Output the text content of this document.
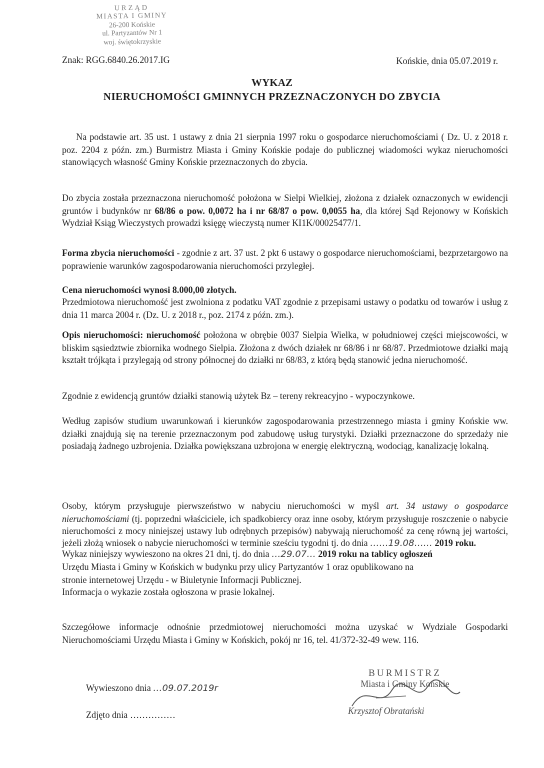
URZĄD
MIASTA I GMINY
26-200 Końskie
ul. Partyzantów Nr 1
woj. świętokrzyskie
Znak: RGG.6840.26.2017.IG	Końskie, dnia 05.07.2019 r.
WYKAZ
NIERUCHOMOŚCI GMINNYCH PRZEZNACZONYCH DO ZBYCIA

Na podstawie art. 35 ust. 1 ustawy z dnia 21 sierpnia 1997 roku o gospodarce nieruchomościami ( Dz. U. z 2018 r. poz. 2204 z późn. zm.) Burmistrz Miasta i Gminy Końskie podaje do publicznej wiadomości wykaz nieruchomości stanowiących własność Gminy Końskie przeznaczonych do zbycia.

Do zbycia została przeznaczona nieruchomość położona w Sielpi Wielkiej, złożona z działek oznaczonych w ewidencji gruntów i budynków nr 68/86 o pow. 0,0072 ha i nr 68/87 o pow. 0,0055 ha, dla której Sąd Rejonowy w Końskich Wydział Ksiąg Wieczystych prowadzi księgę wieczystą numer KI1K/00025477/1.

Forma zbycia nieruchomości - zgodnie z art. 37 ust. 2 pkt 6 ustawy o gospodarce nieruchomościami, bezprzetargowo na poprawienie warunków zagospodarowania nieruchomości przyległej.

Cena nieruchomości wynosi 8.000,00 złotych.

Przedmiotowa nieruchomość jest zwolniona z podatku VAT zgodnie z przepisami ustawy o podatku od towarów i usług z dnia 11 marca 2004 r. (Dz. U. z 2018 r., poz. 2174 z późn. zm.).

Opis nieruchomości: nieruchomość położona w obrębie 0037 Sielpia Wielka, w południowej części miejscowości, w bliskim sąsiedztwie zbiornika wodnego Sielpia. Złożona z dwóch działek nr 68/86 i nr 68/87. Przedmiotowe działki mają kształt trójkąta i przylegają od strony północnej do działki nr 68/83, z którą będą stanowić jedna nieruchomość.

Zgodnie z ewidencją gruntów działki stanowią użytek Bz – tereny rekreacyjno - wypoczynkowe.

Według zapisów studium uwarunkowań i kierunków zagospodarowania przestrzennego miasta i gminy Końskie ww. działki znajdują się na terenie przeznaczonym pod zabudowę usług turystyki. Działki przeznaczone do sprzedaży nie posiadają żadnego uzbrojenia. Działka powiększana uzbrojona w energię elektryczną, wodociąg, kanalizację lokalną.

Osoby, którym przysługuje pierwszeństwo w nabyciu nieruchomości w myśl art. 34 ustawy o gospodarce nieruchomościami (tj. poprzedni właściciele, ich spadkobiercy oraz inne osoby, którym przysługuje roszczenie o nabycie nieruchomości z mocy niniejszej ustawy lub odrębnych przepisów) nabywają nieruchomość za cenę równą jej wartości, jeżeli złożą wniosek o nabycie nieruchomości w terminie sześciu tygodni tj. do dnia ……19.08…… 2019 roku.

Wykaz niniejszy wywieszono na okres 21 dni, tj. do dnia …29.07… 2019 roku na tablicy ogłoszeń
Urzędu Miasta i Gminy w Końskich w budynku przy ulicy Partyzantów 1 oraz opublikowano na
stronie internetowej Urzędu - w Biuletynie Informacji Publicznej.
Informacja o wykazie została ogłoszona w prasie lokalnej.

Szczegółowe informacje odnośnie przedmiotowej nieruchomości można uzyskać w Wydziale Gospodarki Nieruchomościami Urzędu Miasta i Gminy w Końskich, pokój nr 16, tel. 41/372-32-49 wew. 116.

Wywieszono dnia …09.07.2019r
Zdjęto dnia ……………
BURMISTRZ
Miasta i Gminy Końskie
Krzysztof Obratański
